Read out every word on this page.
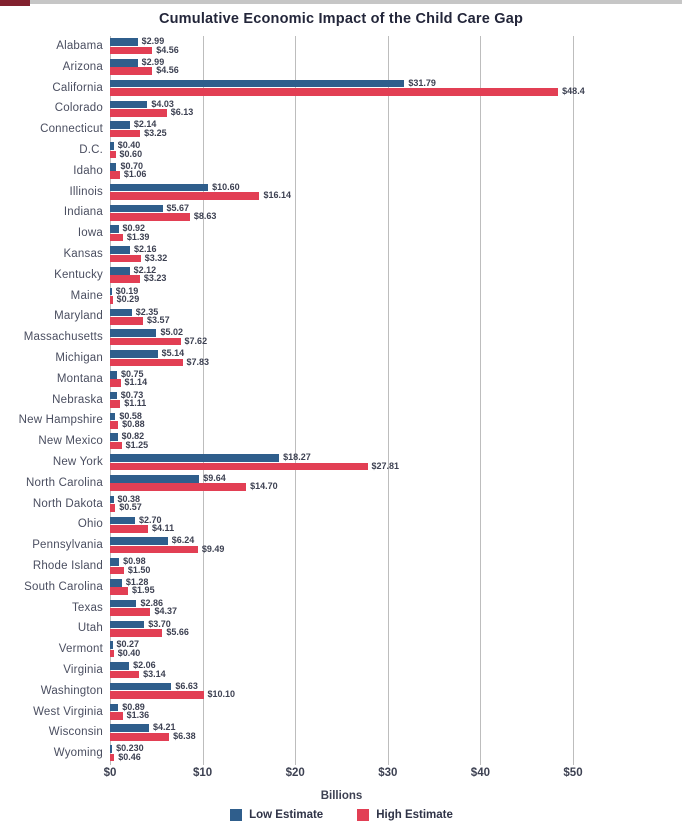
Cumulative Economic Impact of the Child Care Gap
Alabama	$2.99
$4.56
Arizona	$2.99
$4.56
California	$31.79
$48.4
Colorado	$4.03
$6.13
Connecticut	$2.14
$3.25
D.C. $0.40
$0.60
Idaho $0.70
$1.06
Illinois	$10.60
$16.14
Indiana	$5.67
$8.63
Iowa $0.92
$1.39
Kansas	$2.16
$3.32
Kentucky	$2.12
$3.23
Maine $0.19
$0.29
Maryland	$2.35
$3.57
Massachusetts	$5.02
$7.62
Michigan	$5.14
$7.83
Montana $0.75
$1.14
Nebraska $0.73
$1.11
New Hampshire $0.58
$0.88
New Mexico $0.82
$1.25
New York	$18.27
$27.81
North Carolina	$9.64
$14.70
North Dakota $0.38
$0.57
Ohio	$2.70
$4.11
Pennsylvania	$6.24
$9.49
Rhode Island $0.98
$1.50
South Carolina	$1.28
$1.95
Texas	$2.86
$4.37
Utah	$3.70
$5.66
Vermont $0.27
$0.40
Virginia	$2.06
$3.14
Washington	$6.63
$10.10
West Virginia $0.89
$1.36
Wisconsin	$4.21
$6.38
Wyoming $0.230
$0.46
$0	$10	$20	$30	$40	$50
Billions
Low Estimate	High Estimate
